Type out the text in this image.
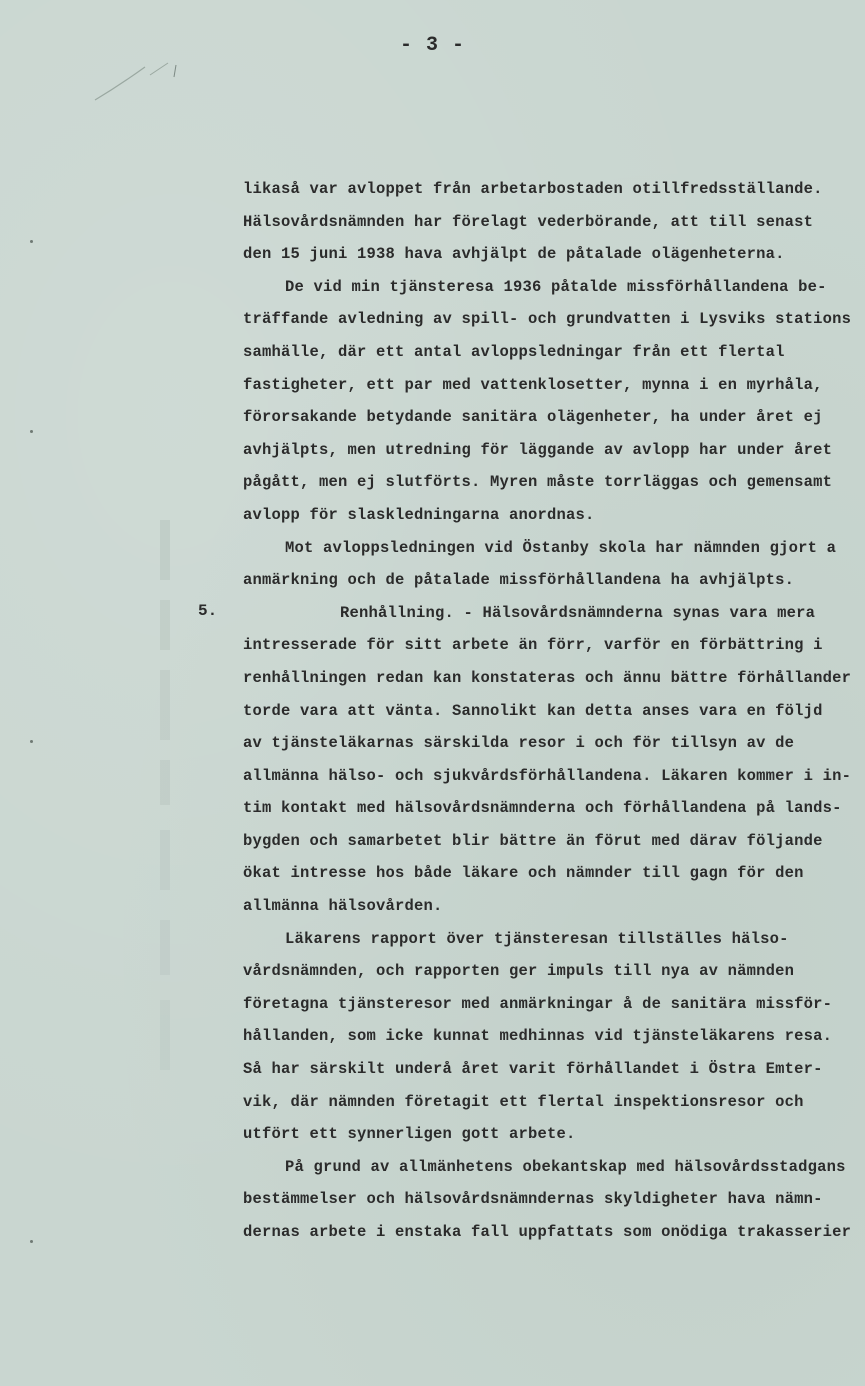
- 3 -
5.
likaså var avloppet från arbetarbostaden otillfredsställande.
Hälsovårdsnämnden har förelagt vederbörande, att till senast
den 15 juni 1938 hava avhjälpt de påtalade olägenheterna.
De vid min tjänsteresa 1936 påtalde missförhållandena be-
träffande avledning av spill- och grundvatten i Lysviks stations
samhälle, där ett antal avloppsledningar från ett flertal
fastigheter, ett par med vattenklosetter, mynna i en myrhåla,
förorsakande betydande sanitära olägenheter, ha under året ej
avhjälpts, men utredning för läggande av avlopp har under året
pågått, men ej slutförts. Myren måste torrläggas och gemensamt
avlopp för slaskledningarna anordnas.
Mot avloppsledningen vid Östanby skola har nämnden gjort a
anmärkning och de påtalade missförhållandena ha avhjälpts.
Renhållning. - Hälsovårdsnämnderna synas vara mera
intresserade för sitt arbete än förr, varför en förbättring i
renhållningen redan kan konstateras och ännu bättre förhållander
torde vara att vänta. Sannolikt kan detta anses vara en följd
av tjänsteläkarnas särskilda resor i och för tillsyn av de
allmänna hälso- och sjukvårdsförhållandena. Läkaren kommer i in-
tim kontakt med hälsovårdsnämnderna och förhållandena på lands-
bygden och samarbetet blir bättre än förut med därav följande
ökat intresse hos både läkare och nämnder till gagn för den
allmänna hälsovården.
Läkarens rapport över tjänsteresan tillställes hälso-
vårdsnämnden, och rapporten ger impuls till nya av nämnden
företagna tjänsteresor med anmärkningar å de sanitära missför-
hållanden, som icke kunnat medhinnas vid tjänsteläkarens resa.
Så har särskilt underå året varit förhållandet i Östra Emter-
vik, där nämnden företagit ett flertal inspektionsresor och
utfört ett synnerligen gott arbete.
På grund av allmänhetens obekantskap med hälsovårdsstadgans
bestämmelser och hälsovårdsnämndernas skyldigheter hava nämn-
dernas arbete i enstaka fall uppfattats som onödiga trakasserier
